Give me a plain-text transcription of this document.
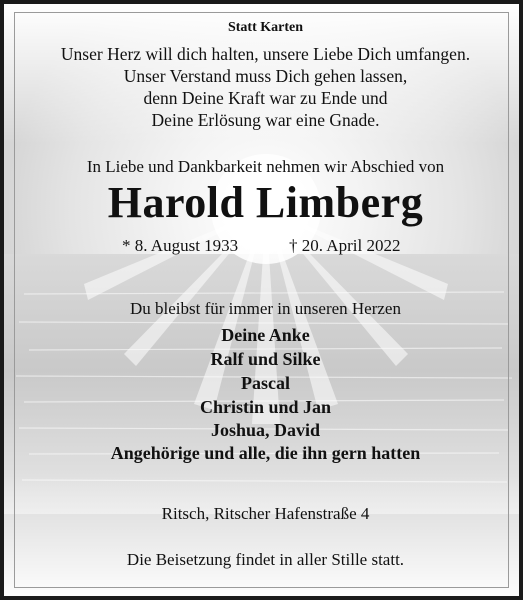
Statt Karten
Unser Herz will dich halten, unsere Liebe Dich umfangen.
Unser Verstand muss Dich gehen lassen,
denn Deine Kraft war zu Ende und
Deine Erlösung war eine Gnade.
In Liebe und Dankbarkeit nehmen wir Abschied von
Harold Limberg
* 8. August 1933	† 20. April 2022
Du bleibst für immer in unseren Herzen
Deine Anke
Ralf und Silke
Pascal
Christin und Jan
Joshua, David
Angehörige und alle, die ihn gern hatten
Ritsch, Ritscher Hafenstraße 4
Die Beisetzung findet in aller Stille statt.
